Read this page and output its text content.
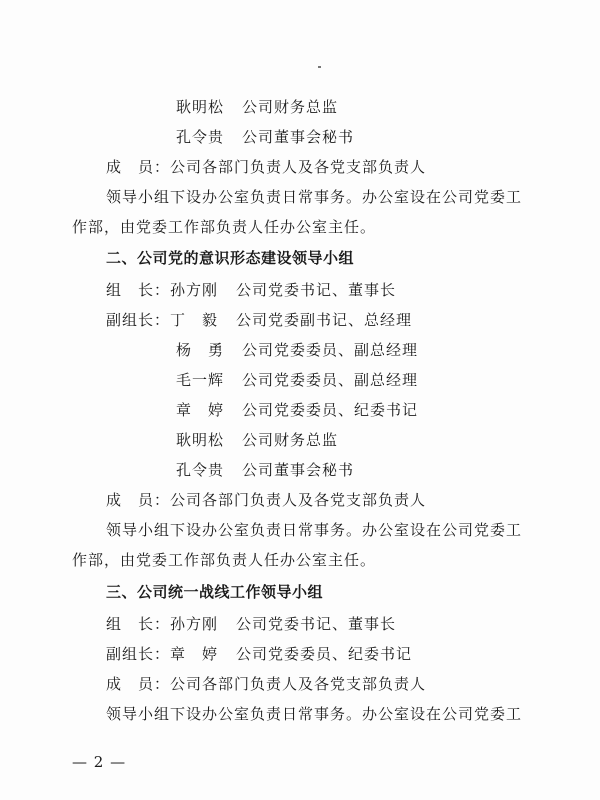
耿明松 公司财务总监
孔令贵 公司董事会秘书
成　员：公司各部门负责人及各党支部负责人
领导小组下设办公室负责日常事务。办公室设在公司党委工
作部，由党委工作部负责人任办公室主任。
二、公司党的意识形态建设领导小组
组　长：孙方刚 公司党委书记、董事长
副组长：丁　毅 公司党委副书记、总经理
杨　勇 公司党委委员、副总经理
毛一辉 公司党委委员、副总经理
章　婷 公司党委委员、纪委书记
耿明松 公司财务总监
孔令贵 公司董事会秘书
成　员：公司各部门负责人及各党支部负责人
领导小组下设办公室负责日常事务。办公室设在公司党委工
作部，由党委工作部负责人任办公室主任。
三、公司统一战线工作领导小组
组　长：孙方刚 公司党委书记、董事长
副组长：章　婷 公司党委委员、纪委书记
成　员：公司各部门负责人及各党支部负责人
领导小组下设办公室负责日常事务。办公室设在公司党委工
— 2 —
